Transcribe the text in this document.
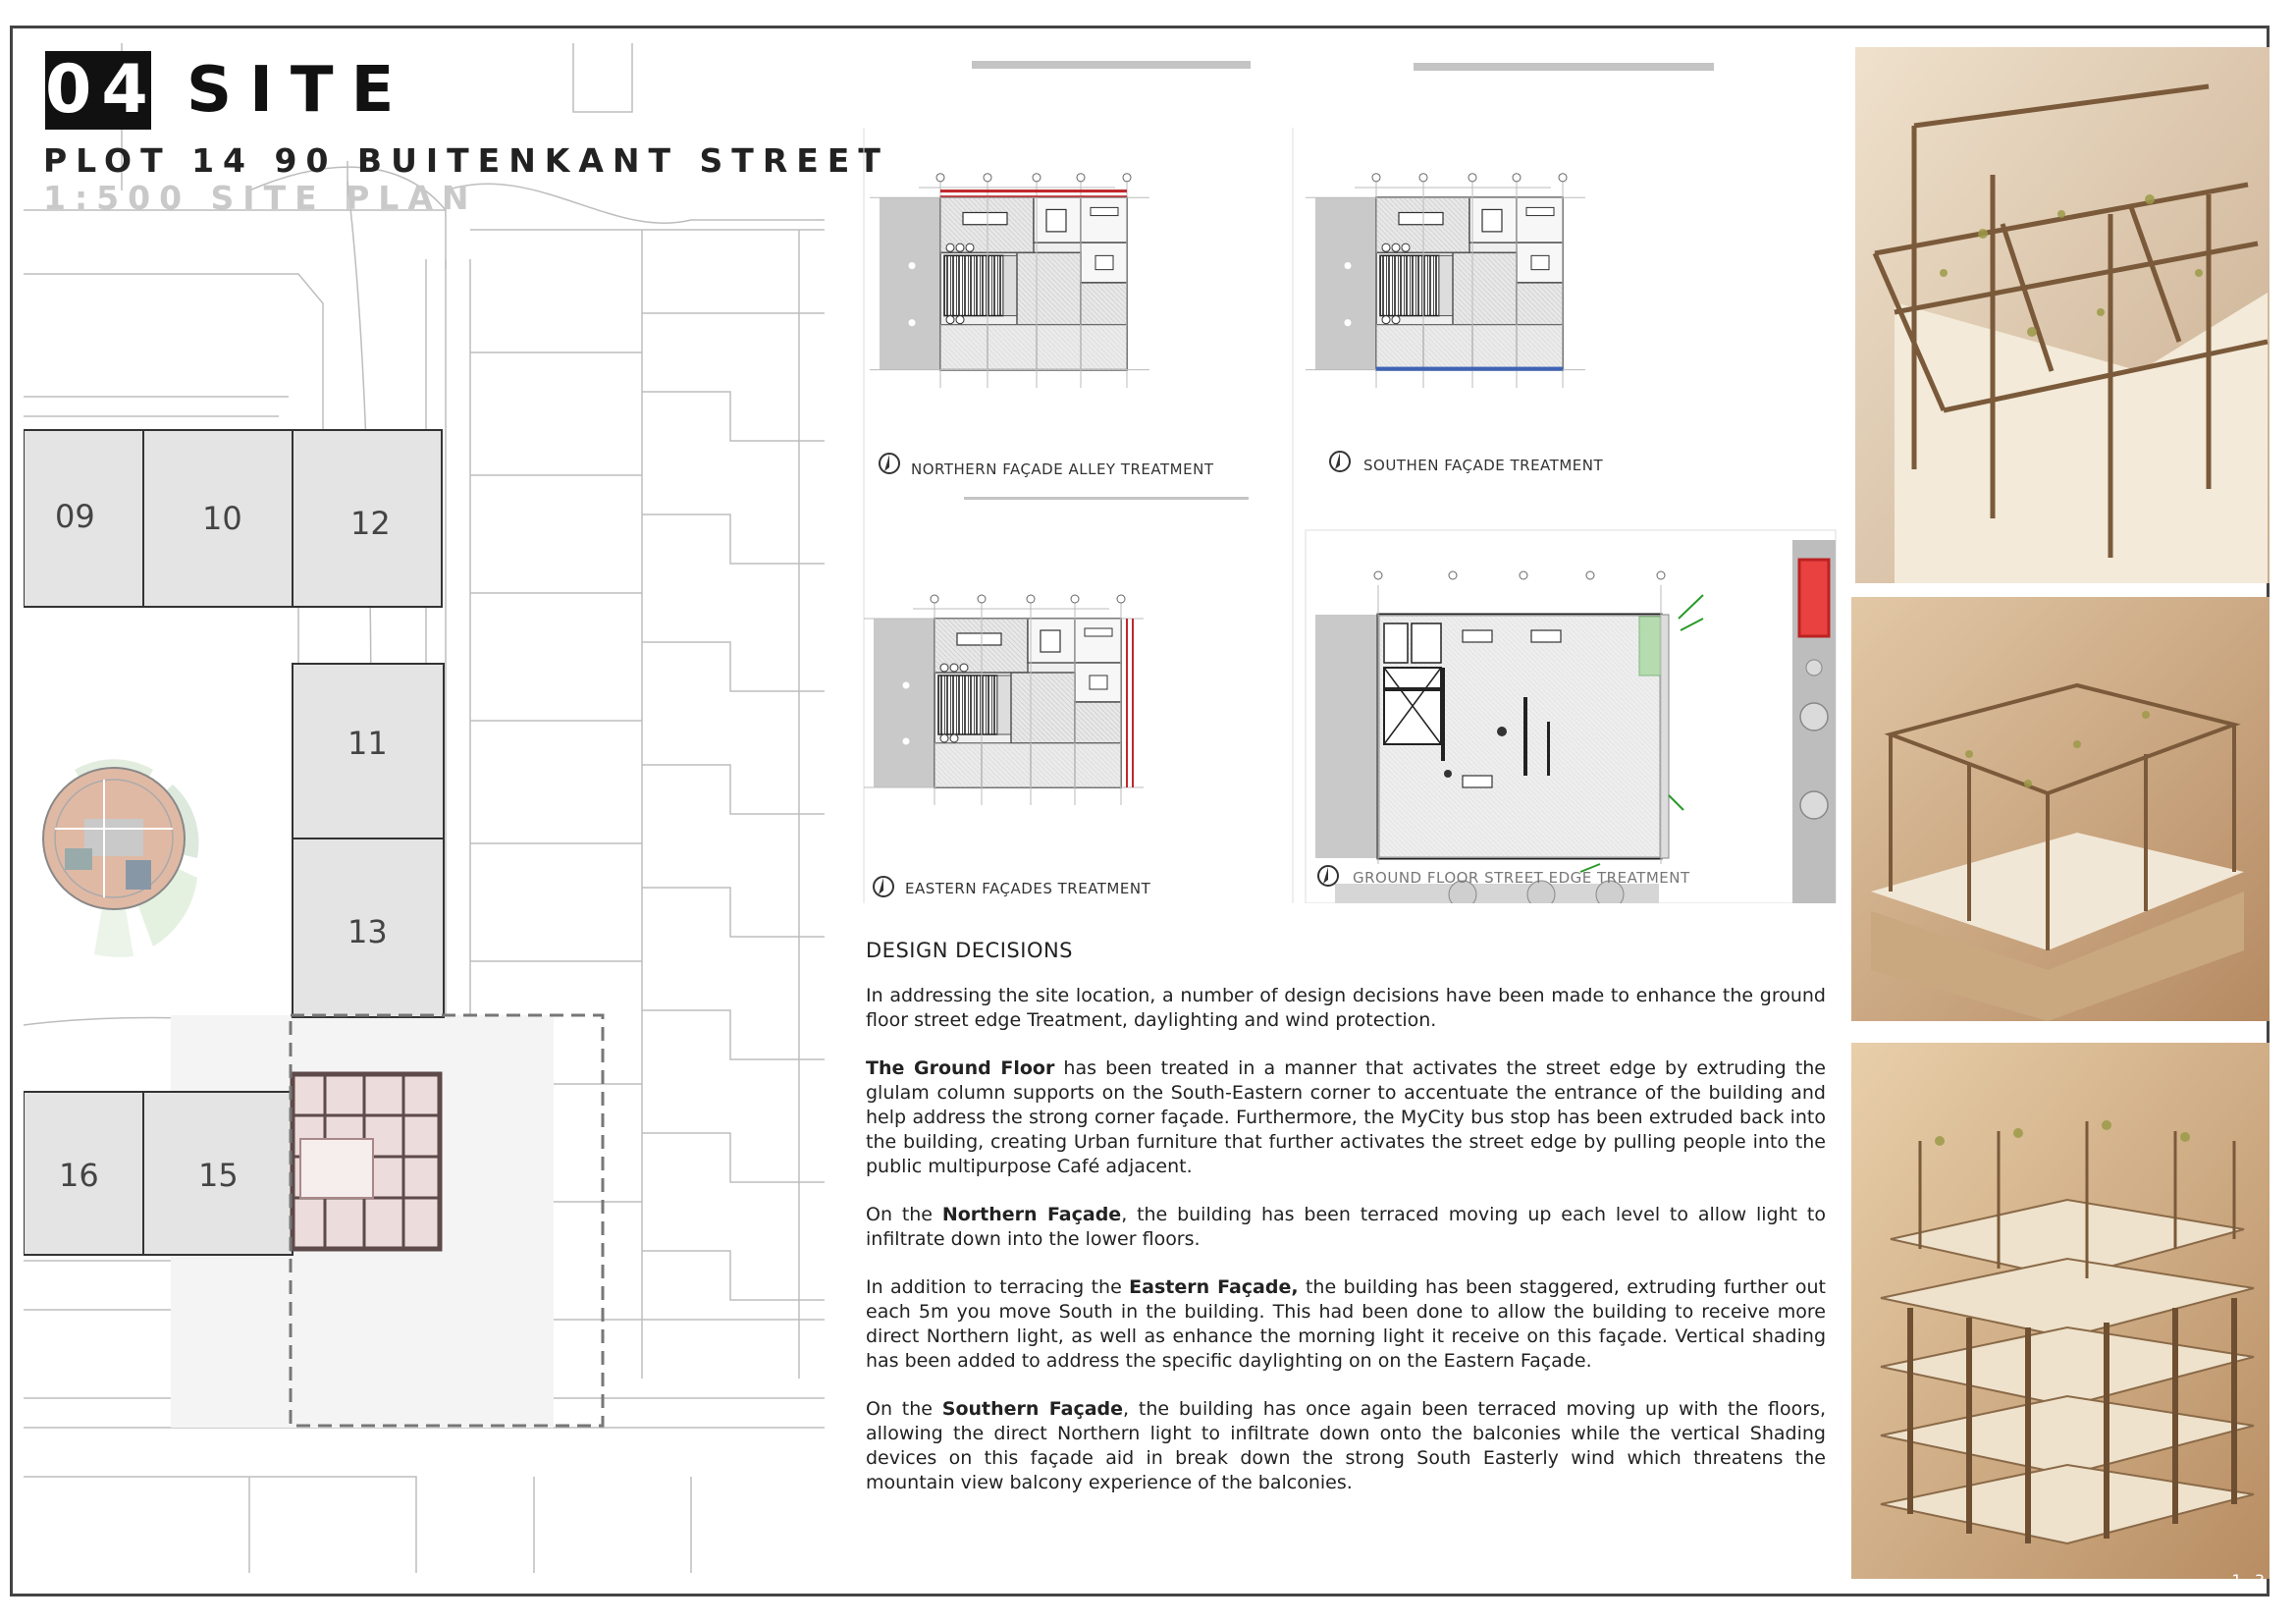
04 SITE
PLOT 14 90 BUITENKANT STREET
1:500 SITE PLAN
09	10	12
11
13
16	15
NORTHERN FAÇADE ALLEY TREATMENT	SOUTHEN FAÇADE TREATMENT
EASTERN FAÇADES TREATMENT
GROUND FLOOR STREET EDGE TREATMENT
DESIGN DECISIONS

In addressing the site location, a number of design decisions have been made to enhance the ground floor street edge Treatment, daylighting and wind protection.

The Ground Floor has been treated in a manner that activates the street edge by extruding the glulam column supports on the South-Eastern corner to accentuate the entrance of the building and help address the strong corner façade. Furthermore, the MyCity bus stop has been extruded back into the building, creating Urban furniture that further activates the street edge by pulling people into the public multipurpose Café adjacent.

On the Northern Façade, the building has been terraced moving up each level to allow light to infiltrate down into the lower floors.

In addition to terracing the Eastern Façade, the building has been staggered, extruding further out each 5m you move South in the building. This had been done to allow the building to receive more direct Northern light, as well as enhance the morning light it receive on this façade. Vertical shading has been added to address the specific daylighting on on the Eastern Façade.

On the Southern Façade, the building has once again been terraced moving up with the floors, allowing the direct Northern light to infiltrate down onto the balconies while the vertical Shading devices on this façade aid in break down the strong South Easterly wind which threatens the mountain view balcony experience of the balconies.

1 3
